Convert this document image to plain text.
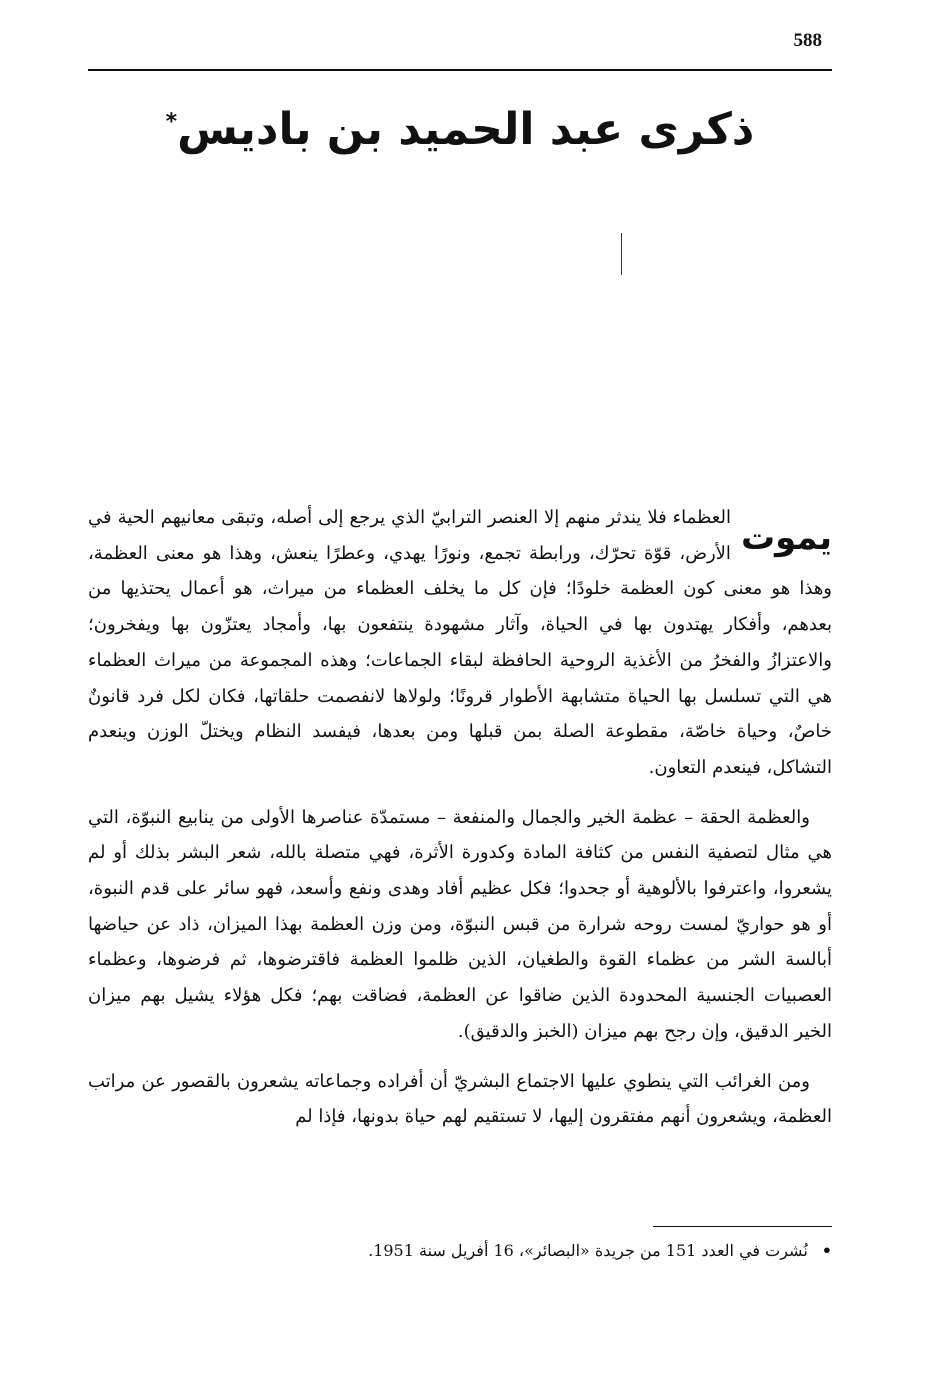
588
ذكرى عبد الحميد بن باديس*

يموت
العظماء فلا يندثر منهم إلا العنصر الترابيّ الذي يرجع إلى أصله، وتبقى معانيهم الحية في الأرض، قوّة تحرّك، ورابطة تجمع، ونورًا يهدي، وعطرًا ينعش، وهذا هو معنى العظمة، وهذا هو معنى كون العظمة خلودًا؛ فإن كل ما يخلف العظماء من ميراث، هو أعمال يحتذيها من بعدهم، وأفكار يهتدون بها في الحياة، وآثار مشهودة ينتفعون بها، وأمجاد يعتزّون بها ويفخرون؛ والاعتزازُ والفخرُ من الأغذية الروحية الحافظة لبقاء الجماعات؛ وهذه المجموعة من ميراث العظماء هي التي تسلسل بها الحياة متشابهة الأطوار قرونًا؛ ولولاها لانفصمت حلقاتها، فكان لكل فرد قانونٌ خاصٌ، وحياة خاصّة، مقطوعة الصلة بمن قبلها ومن بعدها، فيفسد النظام ويختلّ الوزن وينعدم التشاكل، فينعدم التعاون.

والعظمة الحقة – عظمة الخير والجمال والمنفعة – مستمدّة عناصرها الأولى من ينابيع النبوّة، التي هي مثال لتصفية النفس من كثافة المادة وكدورة الأثرة، فهي متصلة بالله، شعر البشر بذلك أو لم يشعروا، واعترفوا بالألوهية أو جحدوا؛ فكل عظيم أفاد وهدى ونفع وأسعد، فهو سائر على قدم النبوة، أو هو حواريّ لمست روحه شرارة من قبس النبوّة، ومن وزن العظمة بهذا الميزان، ذاد عن حياضها أبالسة الشر من عظماء القوة والطغيان، الذين ظلموا العظمة فاقترضوها، ثم فرضوها، وعظماء العصبيات الجنسية المحدودة الذين ضاقوا عن العظمة، فضاقت بهم؛ فكل هؤلاء يشيل بهم ميزان الخير الدقيق، وإن رجح بهم ميزان (الخبز والدقيق).

ومن الغرائب التي ينطوي عليها الاجتماع البشريّ أن أفراده وجماعاته يشعرون بالقصور عن مراتب العظمة، ويشعرون أنهم مفتقرون إليها، لا تستقيم لهم حياة بدونها، فإذا لم

•نُشرت في العدد 151 من جريدة «البصائر»، 16 أفريل سنة 1951.
